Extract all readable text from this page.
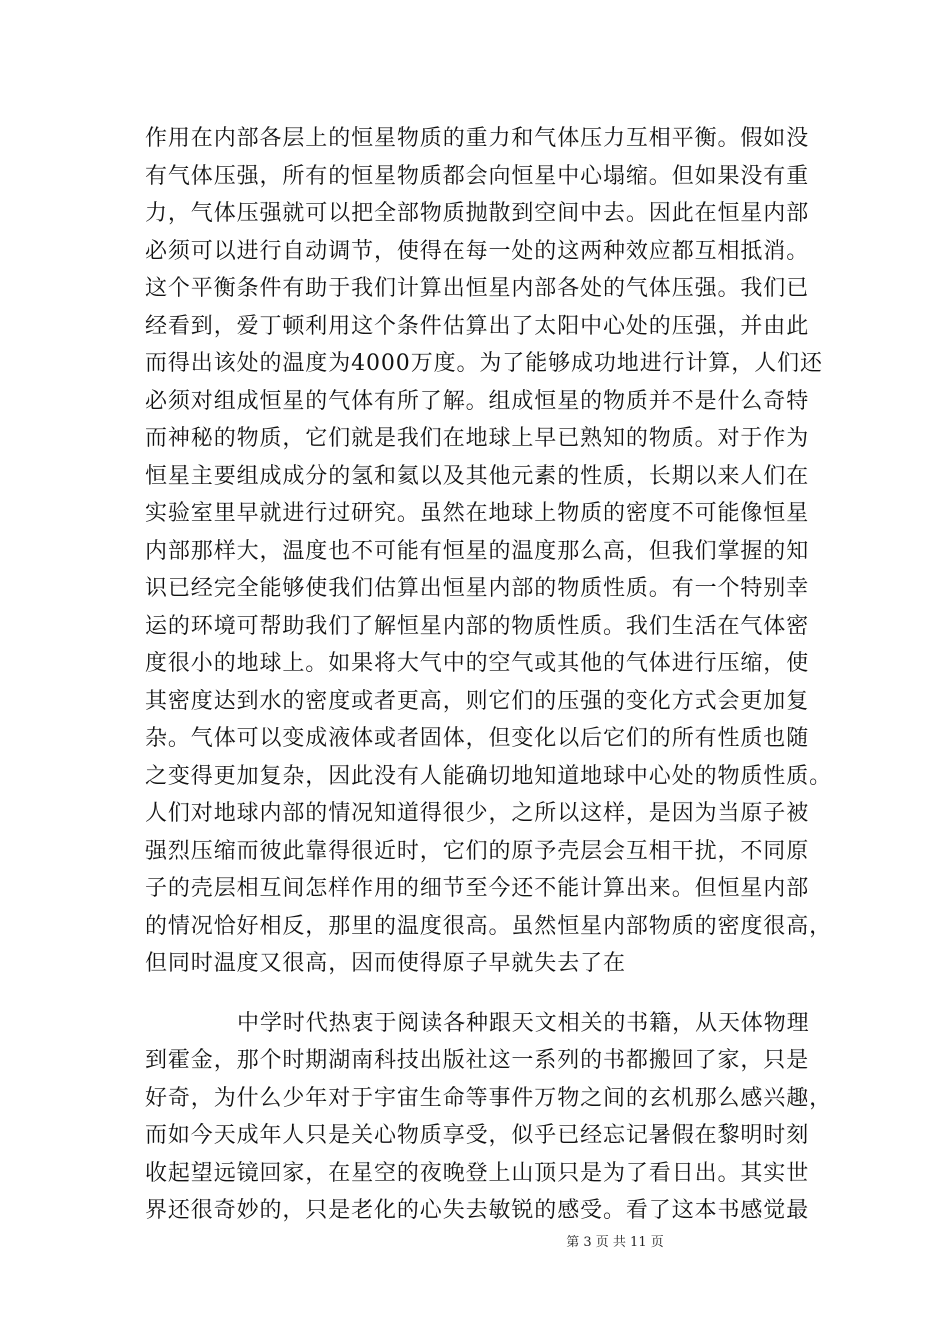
作用在内部各层上的恒星物质的重力和气体压力互相平衡。假如没
有气体压强，所有的恒星物质都会向恒星中心塌缩。但如果没有重
力，气体压强就可以把全部物质抛散到空间中去。因此在恒星内部
必须可以进行自动调节，使得在每一处的这两种效应都互相抵消。
这个平衡条件有助于我们计算出恒星内部各处的气体压强。我们已
经看到，爱丁顿利用这个条件估算出了太阳中心处的压强，并由此
而得出该处的温度为4000万度。为了能够成功地进行计算，人们还
必须对组成恒星的气体有所了解。组成恒星的物质并不是什么奇特
而神秘的物质，它们就是我们在地球上早已熟知的物质。对于作为
恒星主要组成成分的氢和氦以及其他元素的性质，长期以来人们在
实验室里早就进行过研究。虽然在地球上物质的密度不可能像恒星
内部那样大，温度也不可能有恒星的温度那么高，但我们掌握的知
识已经完全能够使我们估算出恒星内部的物质性质。有一个特别幸
运的环境可帮助我们了解恒星内部的物质性质。我们生活在气体密
度很小的地球上。如果将大气中的空气或其他的气体进行压缩，使
其密度达到水的密度或者更高，则它们的压强的变化方式会更加复
杂。气体可以变成液体或者固体，但变化以后它们的所有性质也随
之变得更加复杂，因此没有人能确切地知道地球中心处的物质性质。
人们对地球内部的情况知道得很少，之所以这样，是因为当原子被
强烈压缩而彼此靠得很近时，它们的原予壳层会互相干扰，不同原
子的壳层相互间怎样作用的细节至今还不能计算出来。但恒星内部
的情况恰好相反，那里的温度很高。虽然恒星内部物质的密度很高，
但同时温度又很高，因而使得原子早就失去了在
中学时代热衷于阅读各种跟天文相关的书籍，从天体物理
到霍金，那个时期湖南科技出版社这一系列的书都搬回了家，只是
好奇，为什么少年对于宇宙生命等事件万物之间的玄机那么感兴趣，
而如今天成年人只是关心物质享受，似乎已经忘记暑假在黎明时刻
收起望远镜回家，在星空的夜晚登上山顶只是为了看日出。其实世
界还很奇妙的，只是老化的心失去敏锐的感受。看了这本书感觉最
第 3 页 共 11 页
